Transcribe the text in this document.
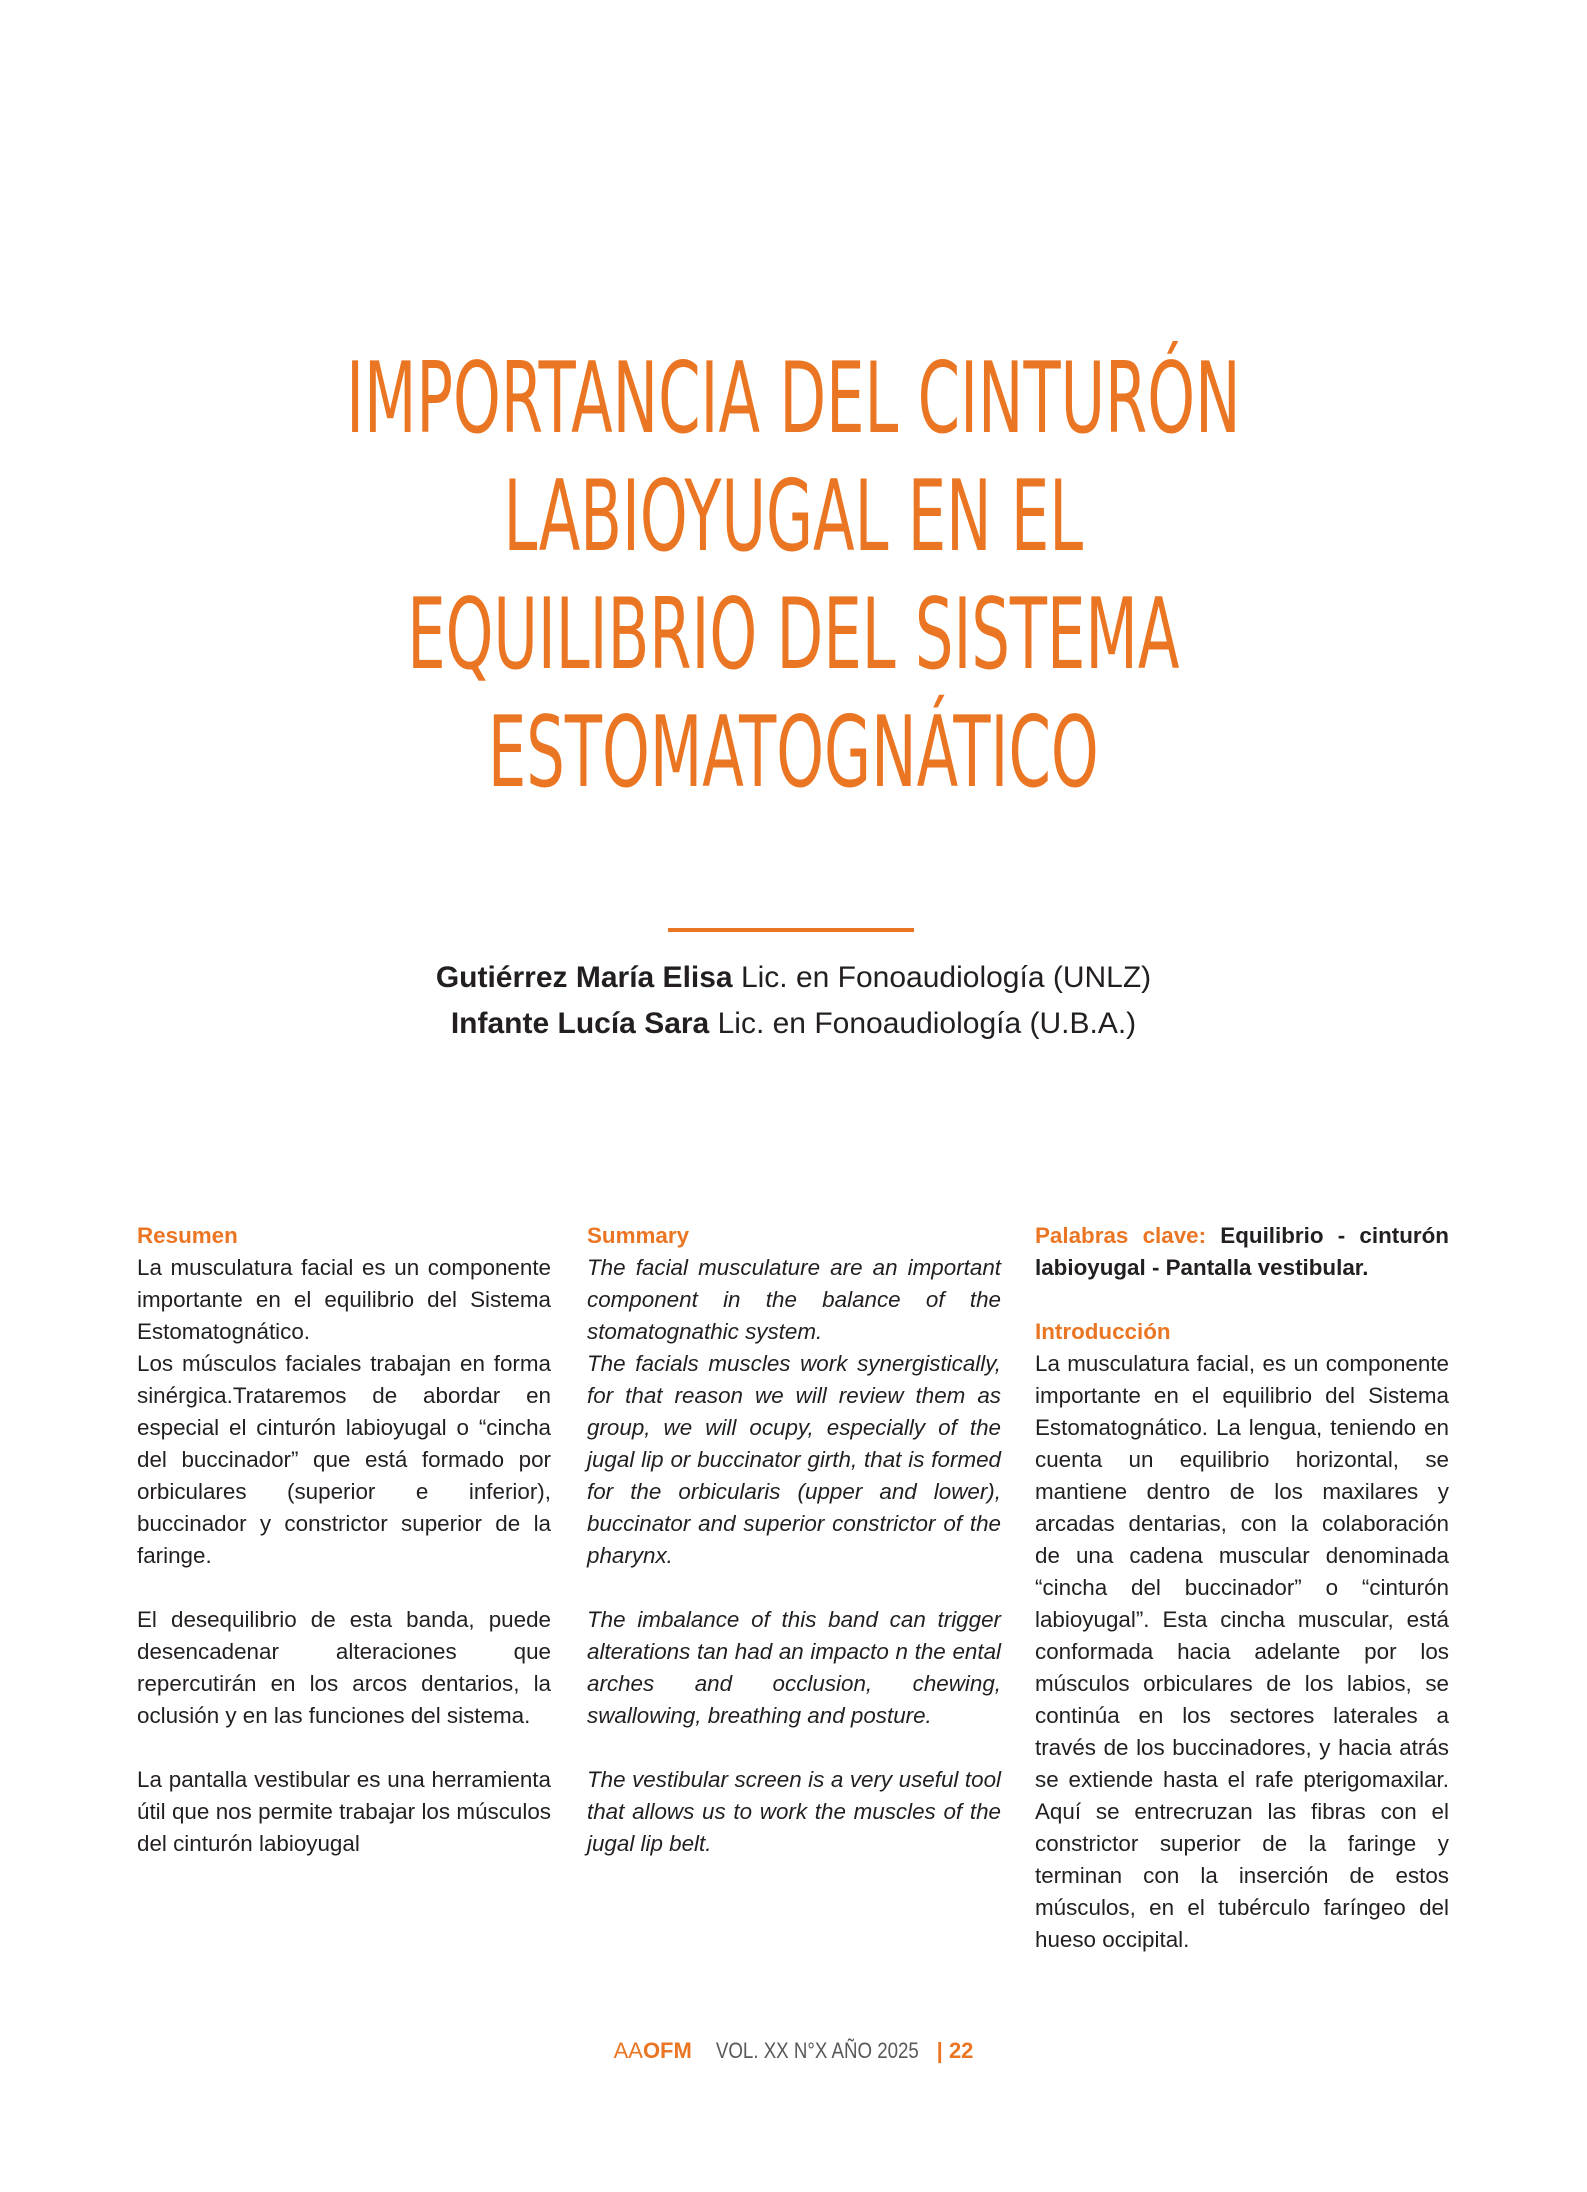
IMPORTANCIA DEL CINTURÓN
LABIOYUGAL EN EL
EQUILIBRIO DEL SISTEMA
ESTOMATOGNÁTICO
Gutiérrez María Elisa Lic. en Fonoaudiología (UNLZ)
Infante Lucía Sara Lic. en Fonoaudiología (U.B.A.)

Resumen

La musculatura facial es un componente importante en el equilibrio del Sistema Estomatognático.

Los músculos faciales trabajan en forma sinérgica.Trataremos de abordar en especial el cinturón labioyugal o “cincha del buccinador” que está formado por orbiculares (superior e inferior), buccinador y constrictor superior de la faringe.

El desequilibrio de esta banda, puede desencadenar alteraciones que repercutirán en los arcos dentarios, la oclusión y en las funciones del sistema.

La pantalla vestibular es una herramienta útil que nos permite trabajar los músculos del cinturón labioyugal

Summary

The facial musculature are an important component in the balance of the stomatognathic system.

The facials muscles work synergistically, for that reason we will review them as group, we will ocupy, especially of the jugal lip or buccinator girth, that is formed for the orbicularis (upper and lower), buccinator and superior constrictor of the pharynx.

The imbalance of this band can trigger alterations tan had an impacto n the ental arches and occlusion, chewing, swallowing, breathing and posture.

The vestibular screen is a very useful tool that allows us to work the muscles of the jugal lip belt.

Palabras clave: Equilibrio - cinturón labioyugal - Pantalla vestibular.

Introducción

La musculatura facial, es un componente importante en el equilibrio del Sistema Estomatognático. La lengua, teniendo en cuenta un equilibrio horizontal, se mantiene dentro de los maxilares y arcadas dentarias, con la colaboración de una cadena muscular denominada “cincha del buccinador” o “cinturón labioyugal”. Esta cincha muscular, está conformada hacia adelante por los músculos orbiculares de los labios, se continúa en los sectores laterales a través de los buccinadores, y hacia atrás se extiende hasta el rafe pterigomaxilar. Aquí se entrecruzan las fibras con el constrictor superior de la faringe y terminan con la inserción de estos músculos, en el tubérculo faríngeo del hueso occipital.

AAOFM VOL. XX N°X AÑO 2025 | 22
